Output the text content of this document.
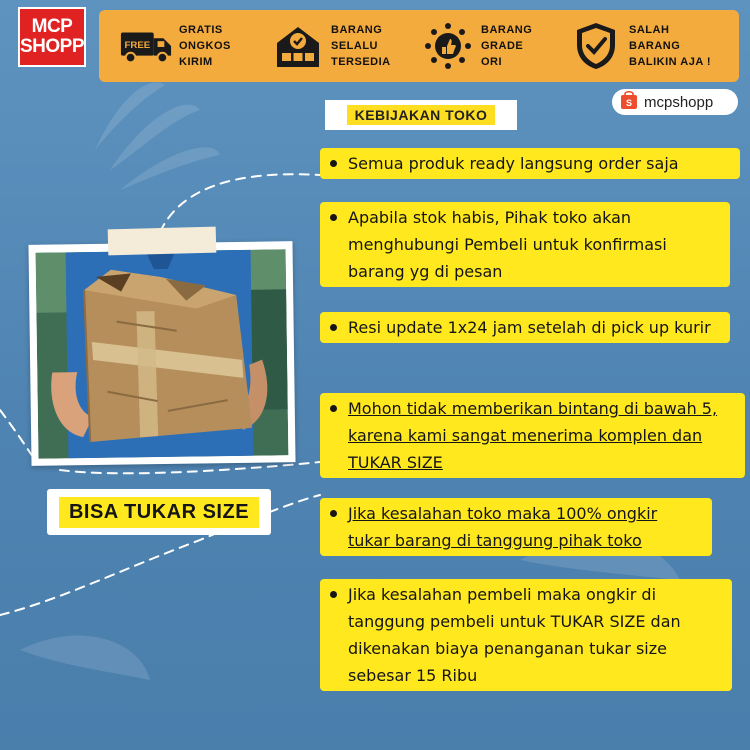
MCP
SHOPP	FREE
GRATIS
ONGKOS
KIRIM
BARANG
SELALU
TERSEDIA
BARANG
GRADE
ORI
SALAH
BARANG
BALIKIN AJA !
S mcpshopp
KEBIJAKAN TOKO
Semua produk ready langsung order saja
Apabila stok habis, Pihak toko akan menghubungi Pembeli untuk konfirmasi barang yg di pesan
Resi update 1x24 jam setelah di pick up kurir
Mohon tidak memberikan bintang di bawah 5, karena kami sangat menerima komplen dan TUKAR SIZE
Jika kesalahan toko maka 100% ongkir tukar barang di tanggung pihak toko
Jika kesalahan pembeli maka ongkir di tanggung pembeli untuk TUKAR SIZE dan dikenakan biaya penanganan tukar size sebesar 15 Ribu
BISA TUKAR SIZE
